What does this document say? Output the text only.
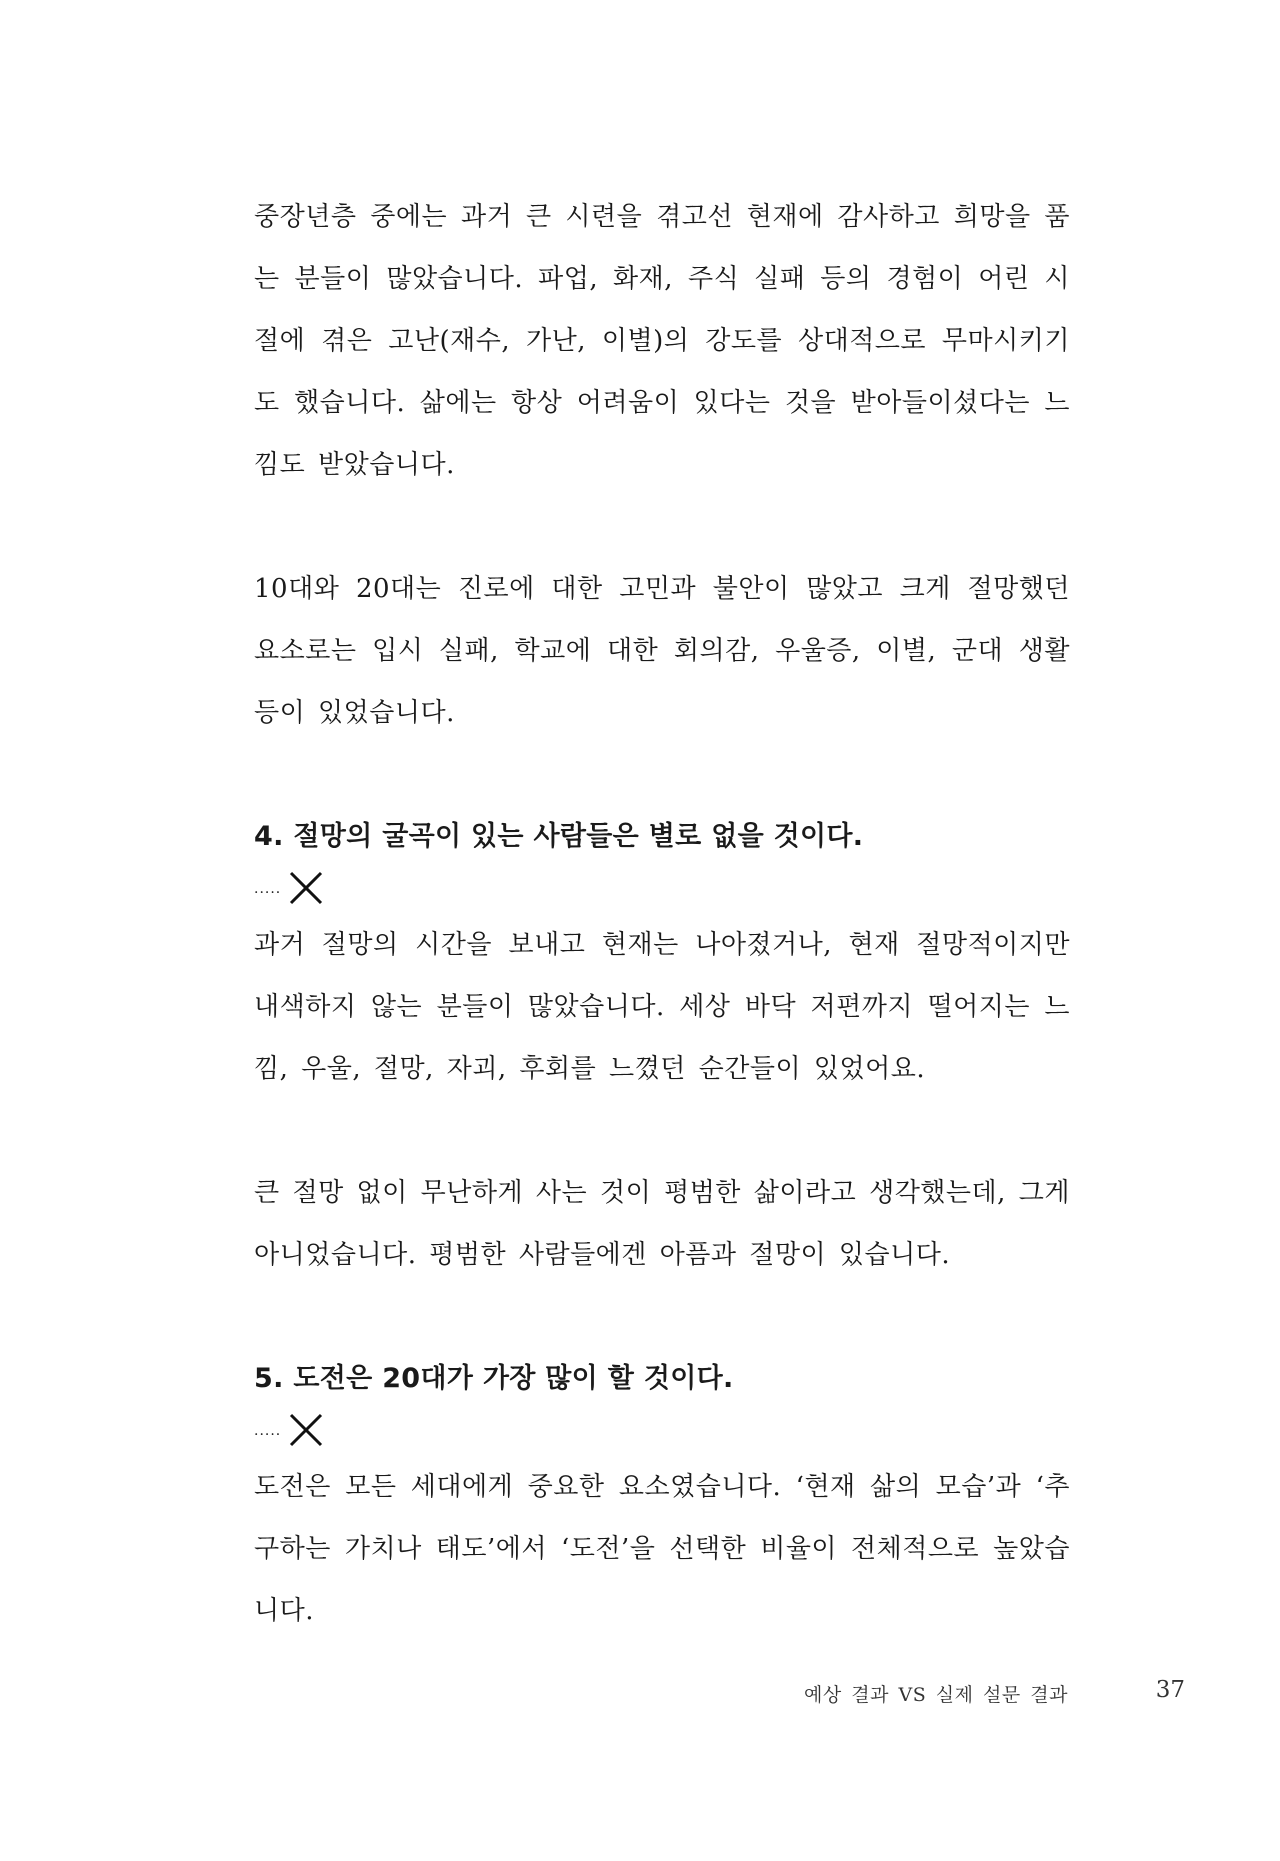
중장년층 중에는 과거 큰 시련을 겪고선 현재에 감사하고 희망을 품는 분들이 많았습니다. 파업, 화재, 주식 실패 등의 경험이 어린 시절에 겪은 고난(재수, 가난, 이별)의 강도를 상대적으로 무마시키기도 했습니다. 삶에는 항상 어려움이 있다는 것을 받아들이셨다는 느낌도 받았습니다.

10대와 20대는 진로에 대한 고민과 불안이 많았고 크게 절망했던 요소로는 입시 실패, 학교에 대한 회의감, 우울증, 이별, 군대 생활 등이 있었습니다.

4. 절망의 굴곡이 있는 사람들은 별로 없을 것이다.
·····

과거 절망의 시간을 보내고 현재는 나아졌거나, 현재 절망적이지만 내색하지 않는 분들이 많았습니다. 세상 바닥 저편까지 떨어지는 느낌, 우울, 절망, 자괴, 후회를 느꼈던 순간들이 있었어요.

큰 절망 없이 무난하게 사는 것이 평범한 삶이라고 생각했는데, 그게 아니었습니다. 평범한 사람들에겐 아픔과 절망이 있습니다.

5. 도전은 20대가 가장 많이 할 것이다.
·····

도전은 모든 세대에게 중요한 요소였습니다. ‘현재 삶의 모습’과 ‘추구하는 가치나 태도’에서 ‘도전’을 선택한 비율이 전체적으로 높았습니다.

예상 결과 VS 실제 설문 결과	37
